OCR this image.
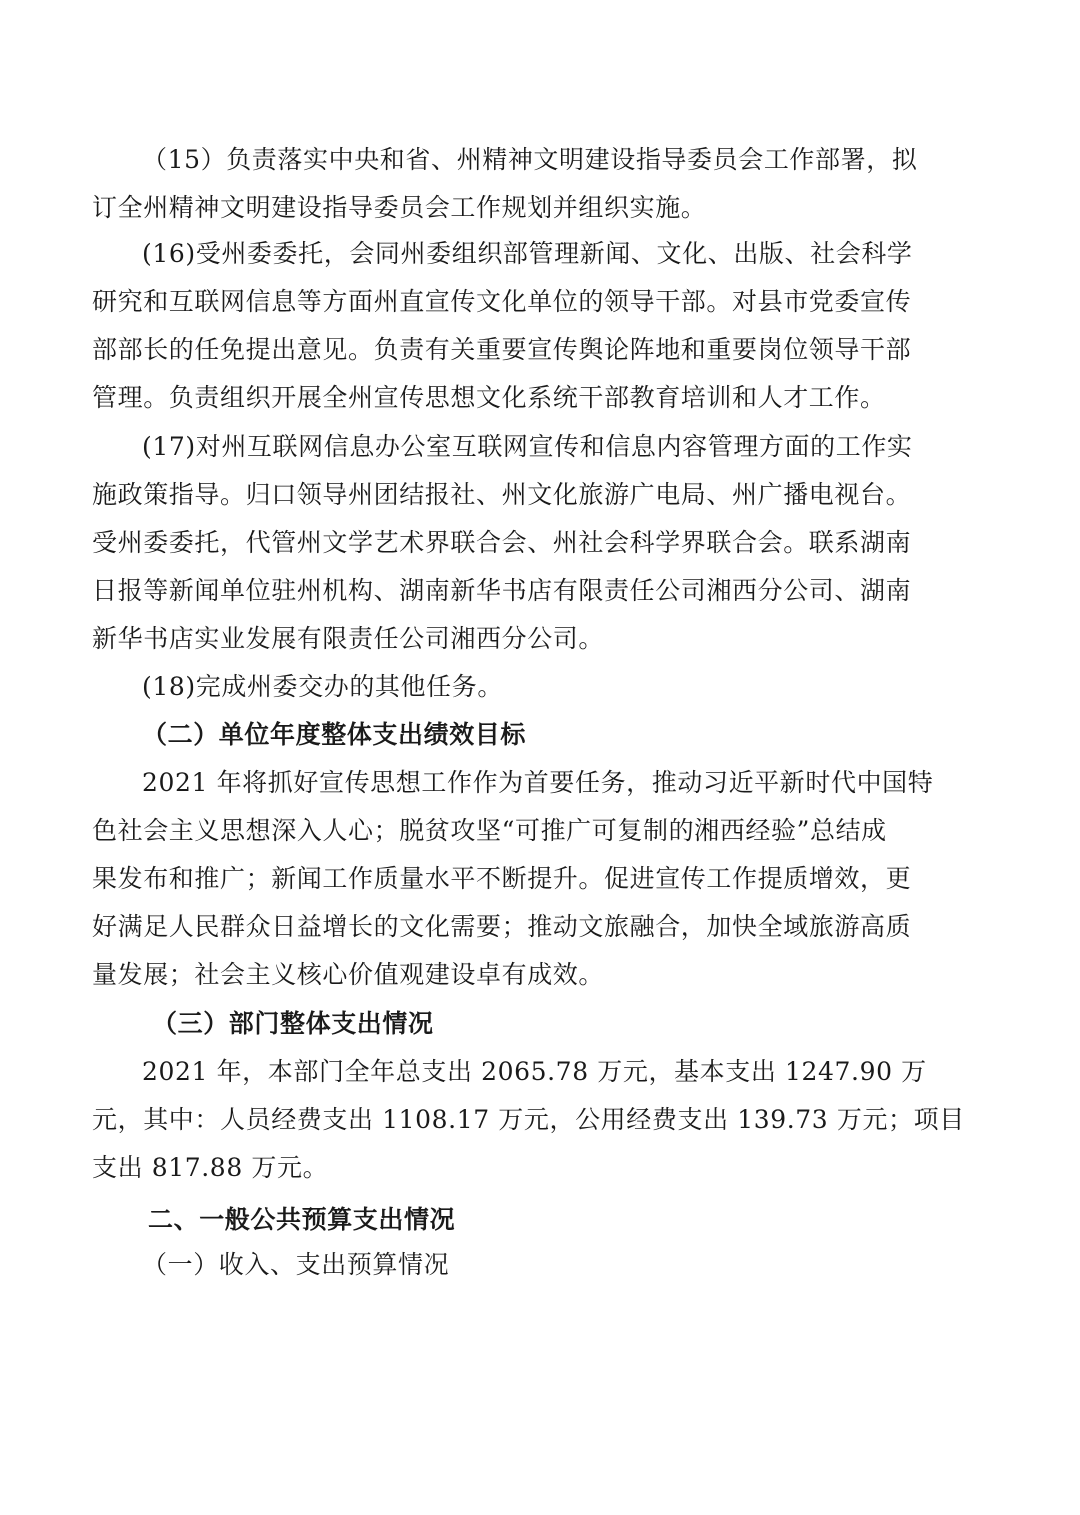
（15）负责落实中央和省、州精神文明建设指导委员会工作部署，拟
订全州精神文明建设指导委员会工作规划并组织实施。
(16)受州委委托，会同州委组织部管理新闻、文化、出版、社会科学
研究和互联网信息等方面州直宣传文化单位的领导干部。对县市党委宣传
部部长的任免提出意见。负责有关重要宣传舆论阵地和重要岗位领导干部
管理。负责组织开展全州宣传思想文化系统干部教育培训和人才工作。
(17)对州互联网信息办公室互联网宣传和信息内容管理方面的工作实
施政策指导。归口领导州团结报社、州文化旅游广电局、州广播电视台。
受州委委托，代管州文学艺术界联合会、州社会科学界联合会。联系湖南
日报等新闻单位驻州机构、湖南新华书店有限责任公司湘西分公司、湖南
新华书店实业发展有限责任公司湘西分公司。
(18)完成州委交办的其他任务。
（二）单位年度整体支出绩效目标
2021 年将抓好宣传思想工作作为首要任务，推动习近平新时代中国特
色社会主义思想深入人心；脱贫攻坚“可推广可复制的湘西经验”总结成
果发布和推广；新闻工作质量水平不断提升。促进宣传工作提质增效，更
好满足人民群众日益增长的文化需要；推动文旅融合，加快全域旅游高质
量发展；社会主义核心价值观建设卓有成效。
（三）部门整体支出情况
2021 年，本部门全年总支出 2065.78 万元，基本支出 1247.90 万
元，其中：人员经费支出 1108.17 万元，公用经费支出 139.73 万元；项目
支出 817.88 万元。
二、一般公共预算支出情况
（一）收入、支出预算情况
